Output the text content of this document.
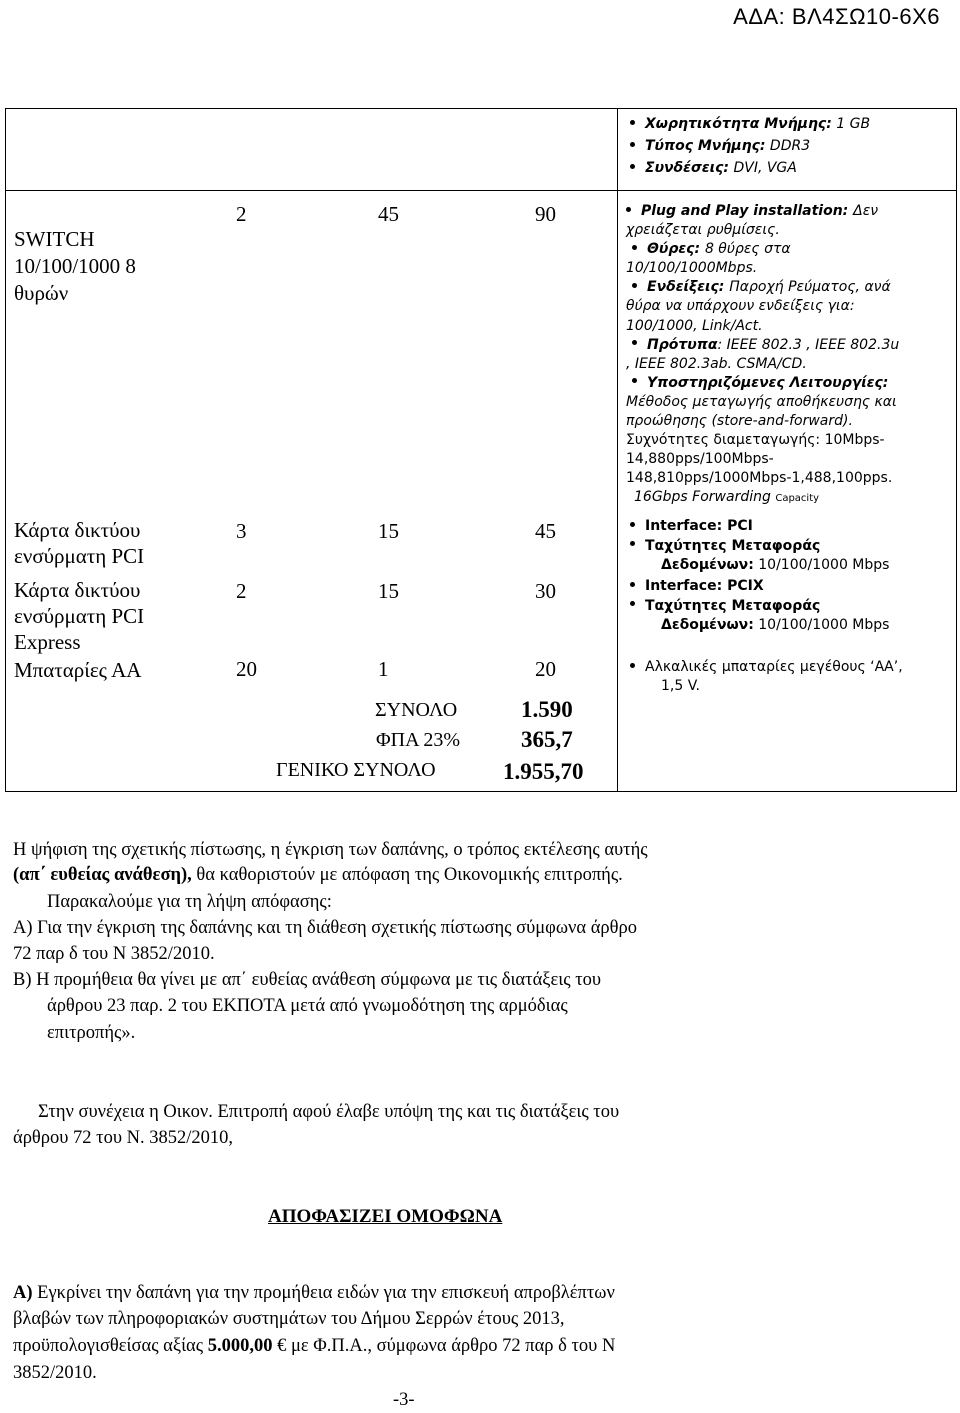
ΑΔΑ: ΒΛ4ΣΩ10-6Χ6
Χωρητικότητα Μνήμης: 1 GB
Τύπος Μνήμης: DDR3
Συνδέσεις: DVI, VGA
SWITCH
10/100/1000 8
θυρών
2	45	90	Plug and Play installation: Δεν
χρειάζεται ρυθμίσεις.
Θύρες: 8 θύρες στα
10/100/1000Mbps.
Ενδείξεις: Παροχή Ρεύματος, ανά
θύρα να υπάρχουν ενδείξεις για:
100/1000, Link/Act.
Πρότυπα: IEEE 802.3 , IEEE 802.3u
, IEEE 802.3ab. CSMA/CD.
Υποστηριζόμενες Λειτουργίες:
Μέθοδος μεταγωγής αποθήκευσης και
προώθησης (store-and-forward).
Συχνότητες διαμεταγωγής: 10Mbps-
14,880pps/100Mbps-
148,810pps/1000Mbps-1,488,100pps.
16Gbps Forwarding Capacity
Κάρτα δικτύου
ενσύρματη PCI
3	15	45	Interface: PCI
Ταχύτητες Μεταφοράς
Δεδομένων: 10/100/1000 Mbps
Κάρτα δικτύου
ενσύρματη PCI
Express
2	15	30	Interface: PCIX
Ταχύτητες Μεταφοράς
Δεδομένων: 10/100/1000 Mbps
Μπαταρίες ΑΑ	20	1	20	Αλκαλικές μπαταρίες μεγέθους ‘ΑΑ’,
1,5 V.
ΣΥΝΟΛΟ	1.590
ΦΠΑ 23%	365,7
ΓΕΝΙΚΟ ΣΥΝΟΛΟ	1.955,70
Η ψήφιση της σχετικής πίστωσης, η έγκριση των δαπάνης, ο τρόπος εκτέλεσης αυτής
(απ΄ ευθείας ανάθεση), θα καθοριστούν με απόφαση της Οικονομικής επιτροπής.
Παρακαλούμε για τη λήψη απόφασης:
Α) Για την έγκριση της δαπάνης και τη διάθεση σχετικής πίστωσης σύμφωνα άρθρο
72 παρ δ του Ν 3852/2010.
Β) Η προμήθεια θα γίνει με απ΄ ευθείας ανάθεση σύμφωνα με τις διατάξεις του
άρθρου 23 παρ. 2 του ΕΚΠΟΤΑ μετά από γνωμοδότηση της αρμόδιας
επιτροπής».
Στην συνέχεια η Οικον. Επιτροπή αφού έλαβε υπόψη της και τις διατάξεις του
άρθρου 72 του Ν. 3852/2010,
ΑΠΟΦΑΣΙΖΕΙ ΟΜΟΦΩΝΑ
Α) Εγκρίνει την δαπάνη για την προμήθεια ειδών για την επισκευή απροβλέπτων
βλαβών των πληροφοριακών συστημάτων του Δήμου Σερρών έτους 2013,
προϋπολογισθείσας αξίας 5.000,00 € με Φ.Π.Α., σύμφωνα άρθρο 72 παρ δ του Ν
3852/2010.
-3-
